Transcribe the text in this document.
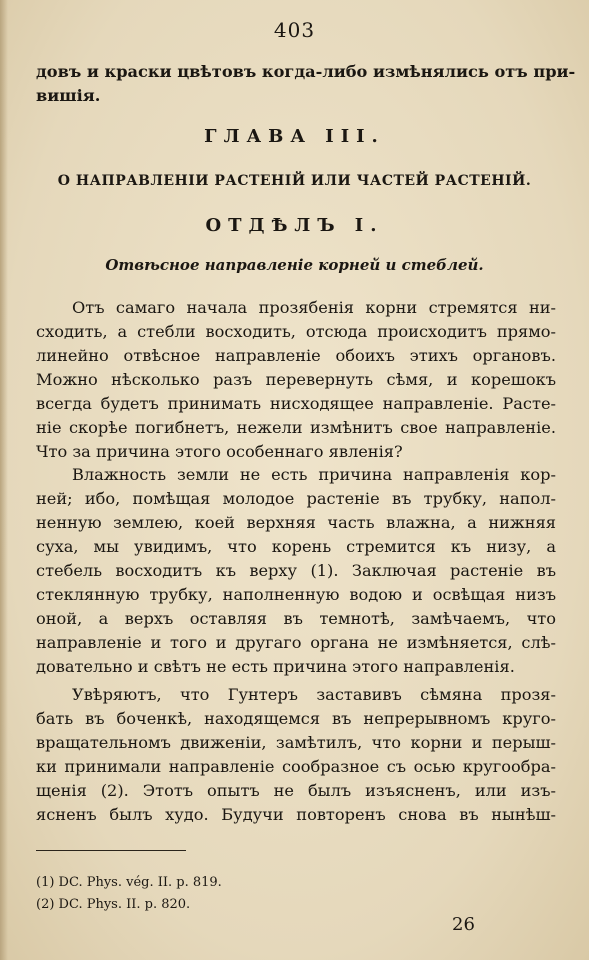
403
довъ и краски цвѣтовъ когда-либо измѣнялись отъ при-
вишія.
ГЛАВА III.
О НАПРАВЛЕНІИ РАСТЕНІЙ ИЛИ ЧАСТЕЙ РАСТЕНІЙ.
ОТДѢЛЪ I.
Отвѣсное направленіе корней и стеблей.
Отъ самаго начала прозябенія корни стремятся ни-
сходить, а стебли восходить, отсюда происходитъ прямо-
линейно отвѣсное направленіе обоихъ этихъ органовъ.
Можно нѣсколько разъ перевернуть сѣмя, и корешокъ
всегда будетъ принимать нисходящее направленіе. Расте-
ніе скорѣе погибнетъ, нежели измѣнитъ свое направленіе.
Что за причина этого особеннаго явленія?
Влажность земли не есть причина направленія кор-
ней; ибо, помѣщая молодое растеніе въ трубку, напол-
ненную землею, коей верхняя часть влажна, а нижняя
суха, мы увидимъ, что корень стремится къ низу, а
стебель восходитъ къ верху (1). Заключая растеніе въ
стеклянную трубку, наполненную водою и освѣщая низъ
оной, а верхъ оставляя въ темнотѣ, замѣчаемъ, что
направленіе и того и другаго органа не измѣняется, слѣ-
довательно и свѣтъ не есть причина этого направленія.
Увѣряютъ, что Гунтеръ заставивъ сѣмяна прозя-
бать въ боченкѣ, находящемся въ непрерывномъ круго-
вращательномъ движеніи, замѣтилъ, что корни и перыш-
ки принимали направленіе сообразное съ осью кругообра-
щенія (2). Этотъ опытъ не былъ изъясненъ, или изъ-
ясненъ былъ худо. Будучи повторенъ снова въ нынѣш-
(1) DC. Phys. vég. II. p. 819.
(2) DC. Phys. II. p. 820.
26
